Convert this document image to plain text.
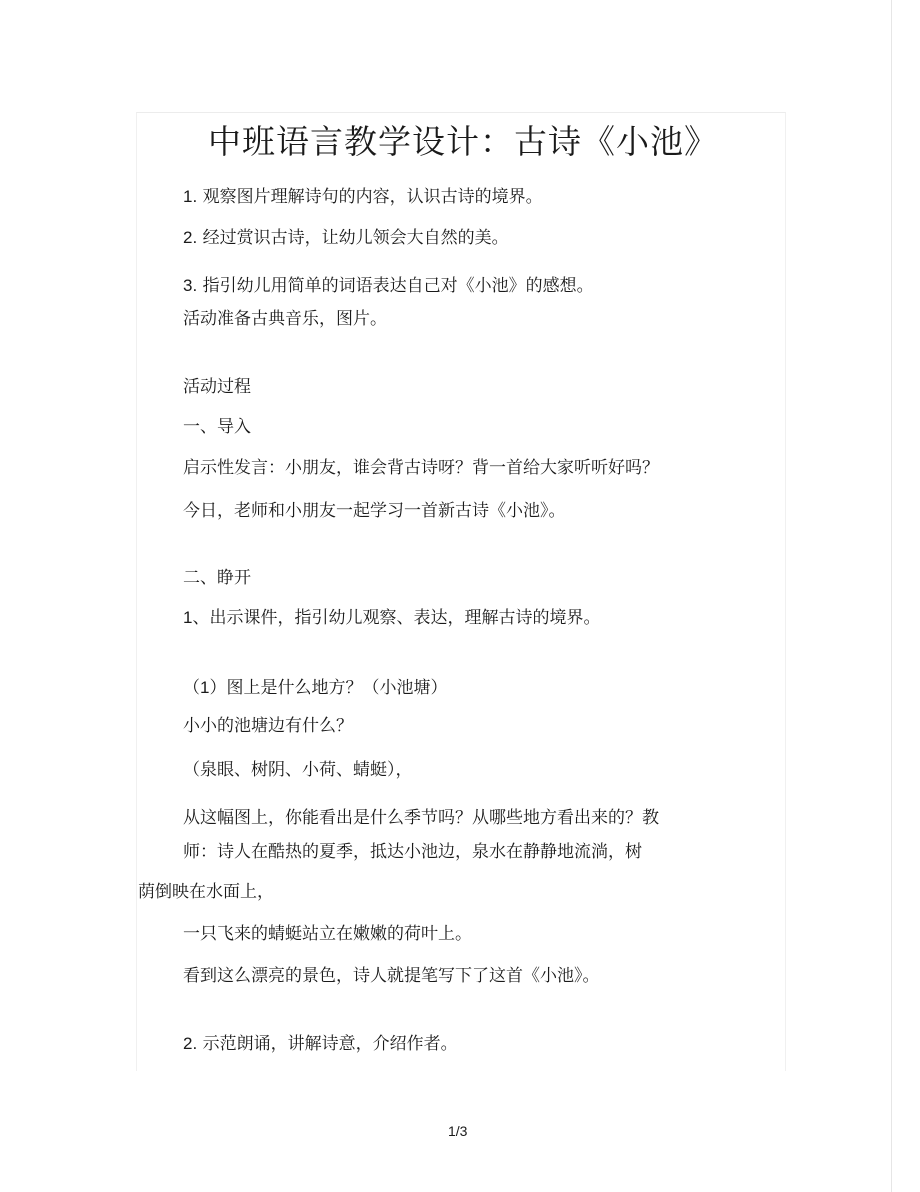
中班语言教学设计：古诗《小池》
1. 观察图片理解诗句的内容，认识古诗的境界。
2. 经过赏识古诗，让幼儿领会大自然的美。
3. 指引幼儿用简单的词语表达自己对《小池》的感想。
活动准备古典音乐，图片。
活动过程
一、导入
启示性发言：小朋友，谁会背古诗呀？背一首给大家听听好吗？
今日，老师和小朋友一起学习一首新古诗《小池》。
二、睁开
1、出示课件，指引幼儿观察、表达，理解古诗的境界。
（1）图上是什么地方？（小池塘）
小小的池塘边有什么？
（泉眼、树阴、小荷、蜻蜓），
从这幅图上，你能看出是什么季节吗？从哪些地方看出来的？教
师：诗人在酷热的夏季，抵达小池边，泉水在静静地流淌，树
荫倒映在水面上，
一只飞来的蜻蜓站立在嫩嫩的荷叶上。
看到这么漂亮的景色，诗人就提笔写下了这首《小池》。
2. 示范朗诵，讲解诗意，介绍作者。
1/3
